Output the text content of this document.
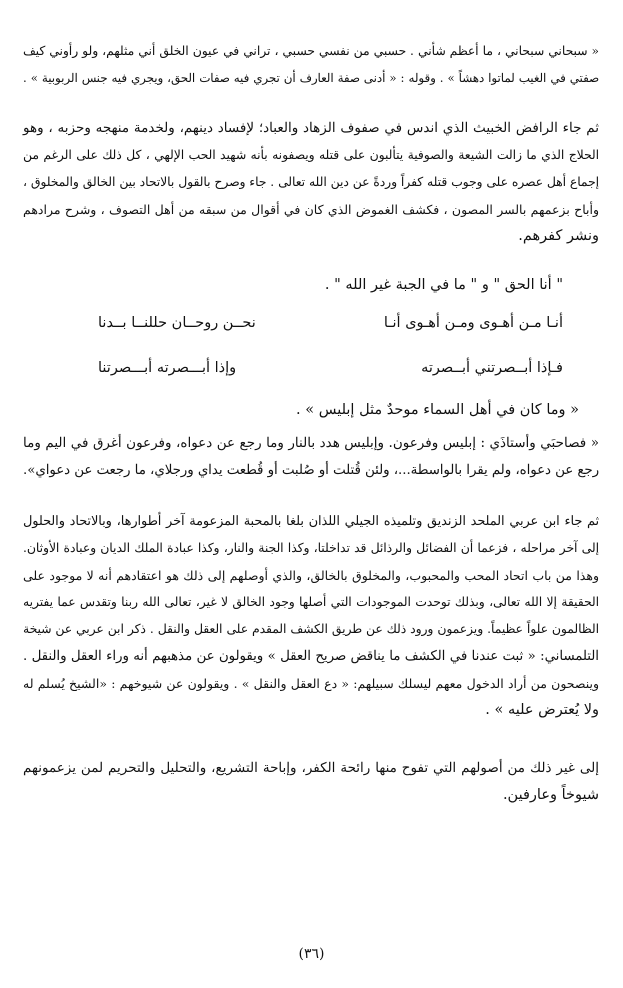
« سبحاني سبحاني ، ما أعظم شأني . حسبي من نفسي حسبي ، تراني في عيون الخلق أني مثلهم، ولو رأوني كيف
صفتي في الغيب لماتوا دهشاً » . وقوله : « أدنى صفة العارف أن تجري فيه صفات الحق، ويجري فيه جنس الربوبية » .
ثم جاء الرافض الخبيث الذي اندس في صفوف الزهاد والعباد؛ لإفساد دينهم، ولخدمة منهجه وحزبه ، وهو
الحلاج الذي ما زالت الشيعة والصوفية يتألبون على قتله ويصفونه بأنه شهيد الحب الإلهي ، كل ذلك على الرغم من
إجماع أهل عصره على وجوب قتله كفراً وردةً عن دين الله تعالى . جاء وصرح بالقول بالاتحاد بين الخالق والمخلوق ،
وأباح بزعمهم بالسر المصون ، فكشف الغموض الذي كان في أقوال من سبقه من أهل التصوف ، وشرح مرادهم
ونشر كفرهم.
" أنا الحق " و " ما في الجبة غير الله " .
أنـا مـن أهـوى ومـن أهـوى أنـا
نحــن روحــان حللنــا بــدنا
فـإذا أبــصرتني أبــصرته
وإذا أبـــصرته أبـــصرتنا
« وما كان في أهل السماء موحدٌ مثل إبليس » .
« فصاحبَي وأستاذَي : إبليس وفرعون. وإبليس هدد بالنار وما رجع عن دعواه، وفرعون أغرق في اليم وما
رجع عن دعواه، ولم يقرا بالواسطة...، ولئن قُتلت أو صُلبت أو قُطعت يداي ورجلاي، ما رجعت عن دعواي».
ثم جاء ابن عربي الملحد الزنديق وتلميذه الجيلي اللذان بلغا بالمحبة المزعومة آخر أطوارها، وبالاتحاد والحلول
إلى آخر مراحله ، فزعما أن الفضائل والرذائل قد تداخلتا، وكذا الجنة والنار، وكذا عبادة الملك الديان وعبادة الأوثان.
وهذا من باب اتحاد المحب والمحبوب، والمخلوق بالخالق، والذي أوصلهم إلى ذلك هو اعتقادهم أنه لا موجود على
الحقيقة إلا الله تعالى، وبذلك توحدت الموجودات التي أصلها وجود الخالق لا غير، تعالى الله ربنا وتقدس عما يفتريه
الظالمون علواً عظيماً. ويزعمون ورود ذلك عن طريق الكشف المقدم على العقل والنقل . ذكر ابن عربي عن شيخة
التلمساني: « ثبت عندنا في الكشف ما يناقض صريح العقل » ويقولون عن مذهبهم أنه وراء العقل والنقل .
وينصحون من أراد الدخول معهم ليسلك سبيلهم: « دع العقل والنقل » . ويقولون عن شيوخهم : «الشيخ يُسلم له
ولا يُعترض عليه » .
إلى غير ذلك من أصولهم التي تفوح منها رائحة الكفر، وإباحة التشريع، والتحليل والتحريم لمن يزعمونهم
شيوخاً وعارفين.
(٣٦)
